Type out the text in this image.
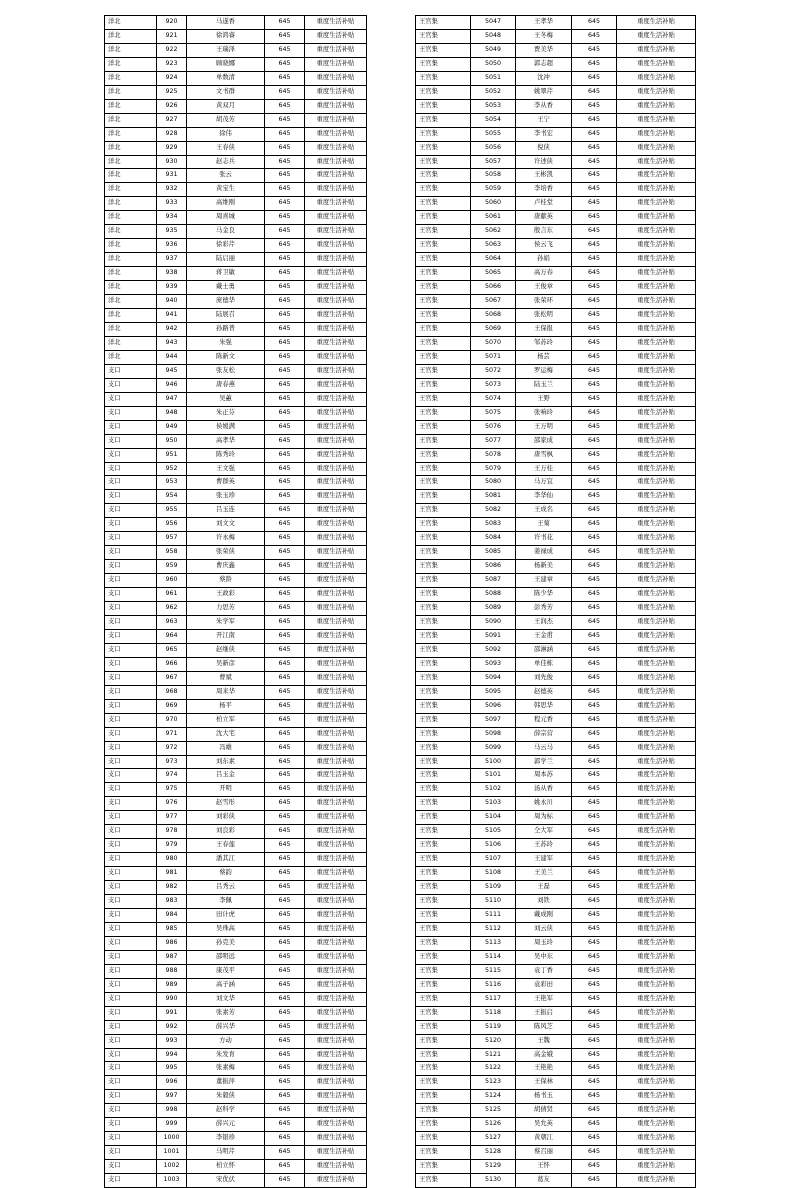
洋北	920	马遂香	645	重度生活补贴
洋北	921	徐鸿睿	645	重度生活补贴
洋北	922	王瑞泽	645	重度生活补贴
洋北	923	顾晓娜	645	重度生活补贴
洋北	924	单数清	645	重度生活补贴
洋北	925	文书群	645	重度生活补贴
洋北	926	黄双月	645	重度生活补贴
洋北	927	胡茂芳	645	重度生活补贴
洋北	928	徐伟	645	重度生活补贴
洋北	929	王春侠	645	重度生活补贴
洋北	930	赵志兵	645	重度生活补贴
洋北	931	张云	645	重度生活补贴
洋北	932	黄宝生	645	重度生活补贴
洋北	933	高维刚	645	重度生活补贴
洋北	934	周喜城	645	重度生活补贴
洋北	935	马金良	645	重度生活补贴
洋北	936	徐彩芹	645	重度生活补贴
洋北	937	陆启丽	645	重度生活补贴
洋北	938	蒋卫敏	645	重度生活补贴
洋北	939	戴士勇	645	重度生活补贴
洋北	940	庞德华	645	重度生活补贴
洋北	941	陆展召	645	重度生活补贴
洋北	942	孙路普	645	重度生活补贴
洋北	943	朱强	645	重度生活补贴
洋北	944	陈新文	645	重度生活补贴
支口	945	张友松	645	重度生活补贴
支口	946	唐春燕	645	重度生活补贴
支口	947	吴蕙	645	重度生活补贴
支口	948	朱正芬	645	重度生活补贴
支口	949	侯媛满	645	重度生活补贴
支口	950	高孝华	645	重度生活补贴
支口	951	陈秀玲	645	重度生活补贴
支口	952	王文强	645	重度生活补贴
支口	953	曹群英	645	重度生活补贴
支口	954	张玉珍	645	重度生活补贴
支口	955	吕玉连	645	重度生活补贴
支口	956	刘文文	645	重度生活补贴
支口	957	许永梅	645	重度生活补贴
支口	958	张荣侠	645	重度生活补贴
支口	959	曹庆鑫	645	重度生活补贴
支口	960	蔡龄	645	重度生活补贴
支口	961	王政彩	645	重度生活补贴
支口	962	力思芳	645	重度生活补贴
支口	963	朱学军	645	重度生活补贴
支口	964	开江南	645	重度生活补贴
支口	965	赵继侠	645	重度生活补贴
支口	966	吴新彦	645	重度生活补贴
支口	967	曹斌	645	重度生活补贴
支口	968	周来华	645	重度生活补贴
支口	969	杨平	645	重度生活补贴
支口	970	柏立军	645	重度生活补贴
支口	971	沈大宅	645	重度生活补贴
支口	972	冯雄	645	重度生活补贴
支口	973	刘东素	645	重度生活补贴
支口	974	吕玉金	645	重度生活补贴
支口	975	开明	645	重度生活补贴
支口	976	赵雪彤	645	重度生活补贴
支口	977	刘彩侠	645	重度生活补贴
支口	978	刘良彩	645	重度生活补贴
支口	979	王春莲	645	重度生活补贴
支口	980	潘其江	645	重度生活补贴
支口	981	蔡韵	645	重度生活补贴
支口	982	吕秀云	645	重度生活补贴
支口	983	李佩	645	重度生活补贴
支口	984	田计虎	645	重度生活补贴
支口	985	吴珠高	645	重度生活补贴
支口	986	孙克美	645	重度生活补贴
支口	987	邵明远	645	重度生活补贴
支口	988	康茂平	645	重度生活补贴
支口	989	高子涵	645	重度生活补贴
支口	990	刘文华	645	重度生活补贴
支口	991	张素芳	645	重度生活补贴
支口	992	薛兴华	645	重度生活补贴
支口	993	方动	645	重度生活补贴
支口	994	朱发育	645	重度生活补贴
支口	995	张素梅	645	重度生活补贴
支口	996	董振萍	645	重度生活补贴
支口	997	朱毅侠	645	重度生活补贴
支口	998	赵科学	645	重度生活补贴
支口	999	薛兴元	645	重度生活补贴
支口	1000	李银珍	645	重度生活补贴
支口	1001	马明芹	645	重度生活补贴
支口	1002	柏立怀	645	重度生活补贴
支口	1003	宋优伏	645	重度生活补贴
王官集	5047	王孝华	645	重度生活补贴
王官集	5048	王冬梅	645	重度生活补贴
王官集	5049	贾美华	645	重度生活补贴
王官集	5050	郭志超	645	重度生活补贴
王官集	5051	沈冲	645	重度生活补贴
王官集	5052	姚翠芹	645	重度生活补贴
王官集	5053	李从香	645	重度生活补贴
王官集	5054	王宁	645	重度生活补贴
王官集	5055	李书宏	645	重度生活补贴
王官集	5056	倪侠	645	重度生活补贴
王官集	5057	许述侠	645	重度生活补贴
王官集	5058	王彬凯	645	重度生活补贴
王官集	5059	李培香	645	重度生活补贴
王官集	5060	卢桂堂	645	重度生活补贴
王官集	5061	唐献英	645	重度生活补贴
王官集	5062	殷言东	645	重度生活补贴
王官集	5063	侯云飞	645	重度生活补贴
王官集	5064	孙娟	645	重度生活补贴
王官集	5065	高万春	645	重度生活补贴
王官集	5066	王俊章	645	重度生活补贴
王官集	5067	张荣环	645	重度生活补贴
王官集	5068	张松明	645	重度生活补贴
王官集	5069	王保报	645	重度生活补贴
王官集	5070	邹苏玲	645	重度生活补贴
王官集	5071	杨芸	645	重度生活补贴
王官集	5072	罗运梅	645	重度生活补贴
王官集	5073	陆玉兰	645	重度生活补贴
王官集	5074	王野	645	重度生活补贴
王官集	5075	张响玲	645	重度生活补贴
王官集	5076	王万明	645	重度生活补贴
王官集	5077	邵家成	645	重度生活补贴
王官集	5078	唐雪枫	645	重度生活补贴
王官集	5079	王万桂	645	重度生活补贴
王官集	5080	马万宜	645	重度生活补贴
王官集	5081	李华仙	645	重度生活补贴
王官集	5082	王成名	645	重度生活补贴
王官集	5083	王菊	645	重度生活补贴
王官集	5084	许书花	645	重度生活补贴
王官集	5085	姜禄成	645	重度生活补贴
王官集	5086	杨新美	645	重度生活补贴
王官集	5087	王建章	645	重度生活补贴
王官集	5088	陈少华	645	重度生活补贴
王官集	5089	彭秀芳	645	重度生活补贴
王官集	5090	王润杰	645	重度生活补贴
王官集	5091	王金甫	645	重度生活补贴
王官集	5092	邵淋涵	645	重度生活补贴
王官集	5093	单佳栋	645	重度生活补贴
王官集	5094	刘先俊	645	重度生活补贴
王官集	5095	赵德英	645	重度生活补贴
王官集	5096	韩思华	645	重度生活补贴
王官集	5097	程元香	645	重度生活补贴
王官集	5098	薛宗营	645	重度生活补贴
王官集	5099	马云马	645	重度生活补贴
王官集	5100	郭学兰	645	重度生活补贴
王官集	5101	周本苏	645	重度生活补贴
王官集	5102	汤从香	645	重度生活补贴
王官集	5103	姚永川	645	重度生活补贴
王官集	5104	周为标	645	重度生活补贴
王官集	5105	仝大军	645	重度生活补贴
王官集	5106	王苏玲	645	重度生活补贴
王官集	5107	王建军	645	重度生活补贴
王官集	5108	王美兰	645	重度生活补贴
王官集	5109	王磊	645	重度生活补贴
王官集	5110	刘铁	645	重度生活补贴
王官集	5111	戴成刚	645	重度生活补贴
王官集	5112	刘云侠	645	重度生活补贴
王官集	5113	周玉玲	645	重度生活补贴
王官集	5114	吴中东	645	重度生活补贴
王官集	5115	袁丁香	645	重度生活补贴
王官集	5116	袁彩田	645	重度生活补贴
王官集	5117	王艳军	645	重度生活补贴
王官集	5118	王振启	645	重度生活补贴
王官集	5119	陈风芝	645	重度生活补贴
王官集	5120	王魏	645	重度生活补贴
王官集	5121	高金娥	645	重度生活补贴
王官集	5122	王艳艳	645	重度生活补贴
王官集	5123	王保林	645	重度生活补贴
王官集	5124	杨书玉	645	重度生活补贴
王官集	5125	胡倩贤	645	重度生活补贴
王官集	5126	吴允英	645	重度生活补贴
王官集	5127	黄朝江	645	重度生活补贴
王官集	5128	蔡召丽	645	重度生活补贴
王官集	5129	王怀	645	重度生活补贴
王官集	5130	葛友	645	重度生活补贴
